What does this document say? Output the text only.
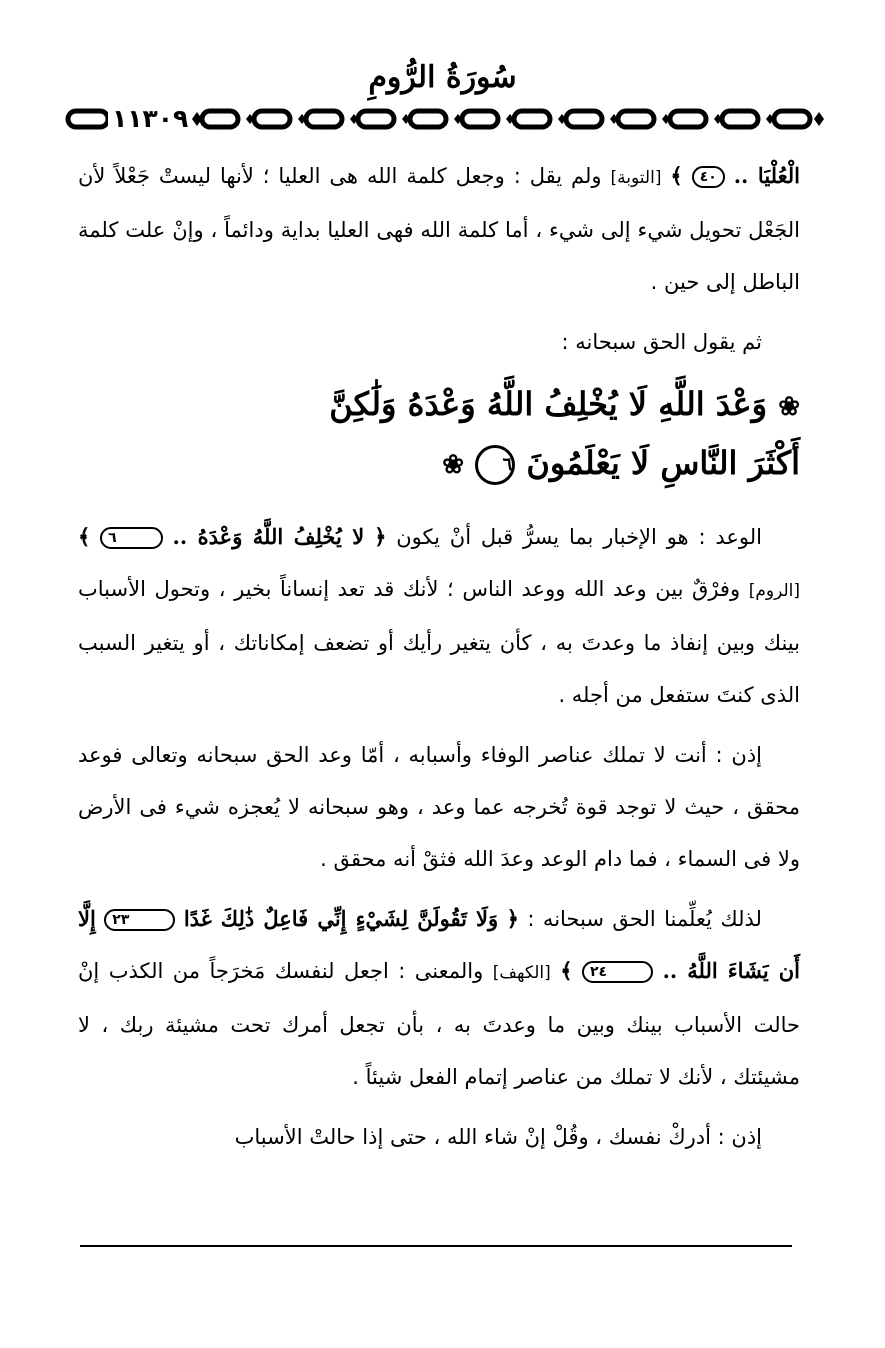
سُورَةُ الرُّومِ
١١٣٠٩

الْعُلْيَا .. ٤٠ ﴾ [التوبة] ولم يقل : وجعل كلمة الله هى العليا ؛ لأنها ليستْ جَعْلاً لأن الجَعْل تحويل شيء إلى شيء ، أما كلمة الله فهى العليا بداية ودائماً ، وإنْ علت كلمة الباطل إلى حين .

ثم يقول الحق سبحانه :

❀ وَعْدَ اللَّهِ لَا يُخْلِفُ اللَّهُ وَعْدَهُ وَلَٰكِنَّ
أَكْثَرَ النَّاسِ لَا يَعْلَمُونَ ٦ ❀

الوعد : هو الإخبار بما يسرُّ قبل أنْ يكون ﴿ لا يُخْلِفُ اللَّهُ وَعْدَهُ .. ٦ ﴾ [الروم] وفرْقٌ بين وعد الله ووعد الناس ؛ لأنك قد تعد إنساناً بخير ، وتحول الأسباب بينك وبين إنفاذ ما وعدتَ به ، كأن يتغير رأيك أو تضعف إمكاناتك ، أو يتغير السبب الذى كنتَ ستفعل من أجله .

إذن : أنت لا تملك عناصر الوفاء وأسبابه ، أمّا وعد الحق سبحانه وتعالى فوعد محقق ، حيث لا توجد قوة تُخرجه عما وعد ، وهو سبحانه لا يُعجزه شيء فى الأرض ولا فى السماء ، فما دام الوعد وعدَ الله فثقْ أنه محقق .

لذلك يُعلِّمنا الحق سبحانه : ﴿ وَلَا تَقُولَنَّ لِشَيْءٍ إِنِّي فَاعِلٌ ذَٰلِكَ غَدًا ٢٣ إِلَّا أَن يَشَاءَ اللَّهُ .. ٢٤ ﴾ [الكهف] والمعنى : اجعل لنفسك مَخرَجاً من الكذب إنْ حالت الأسباب بينك وبين ما وعدتَ به ، بأن تجعل أمرك تحت مشيئة ربك ، لا مشيئتك ، لأنك لا تملك من عناصر إتمام الفعل شيئاً .

إذن : أدركْ نفسك ، وقُلْ إنْ شاء الله ، حتى إذا حالتْ الأسباب
